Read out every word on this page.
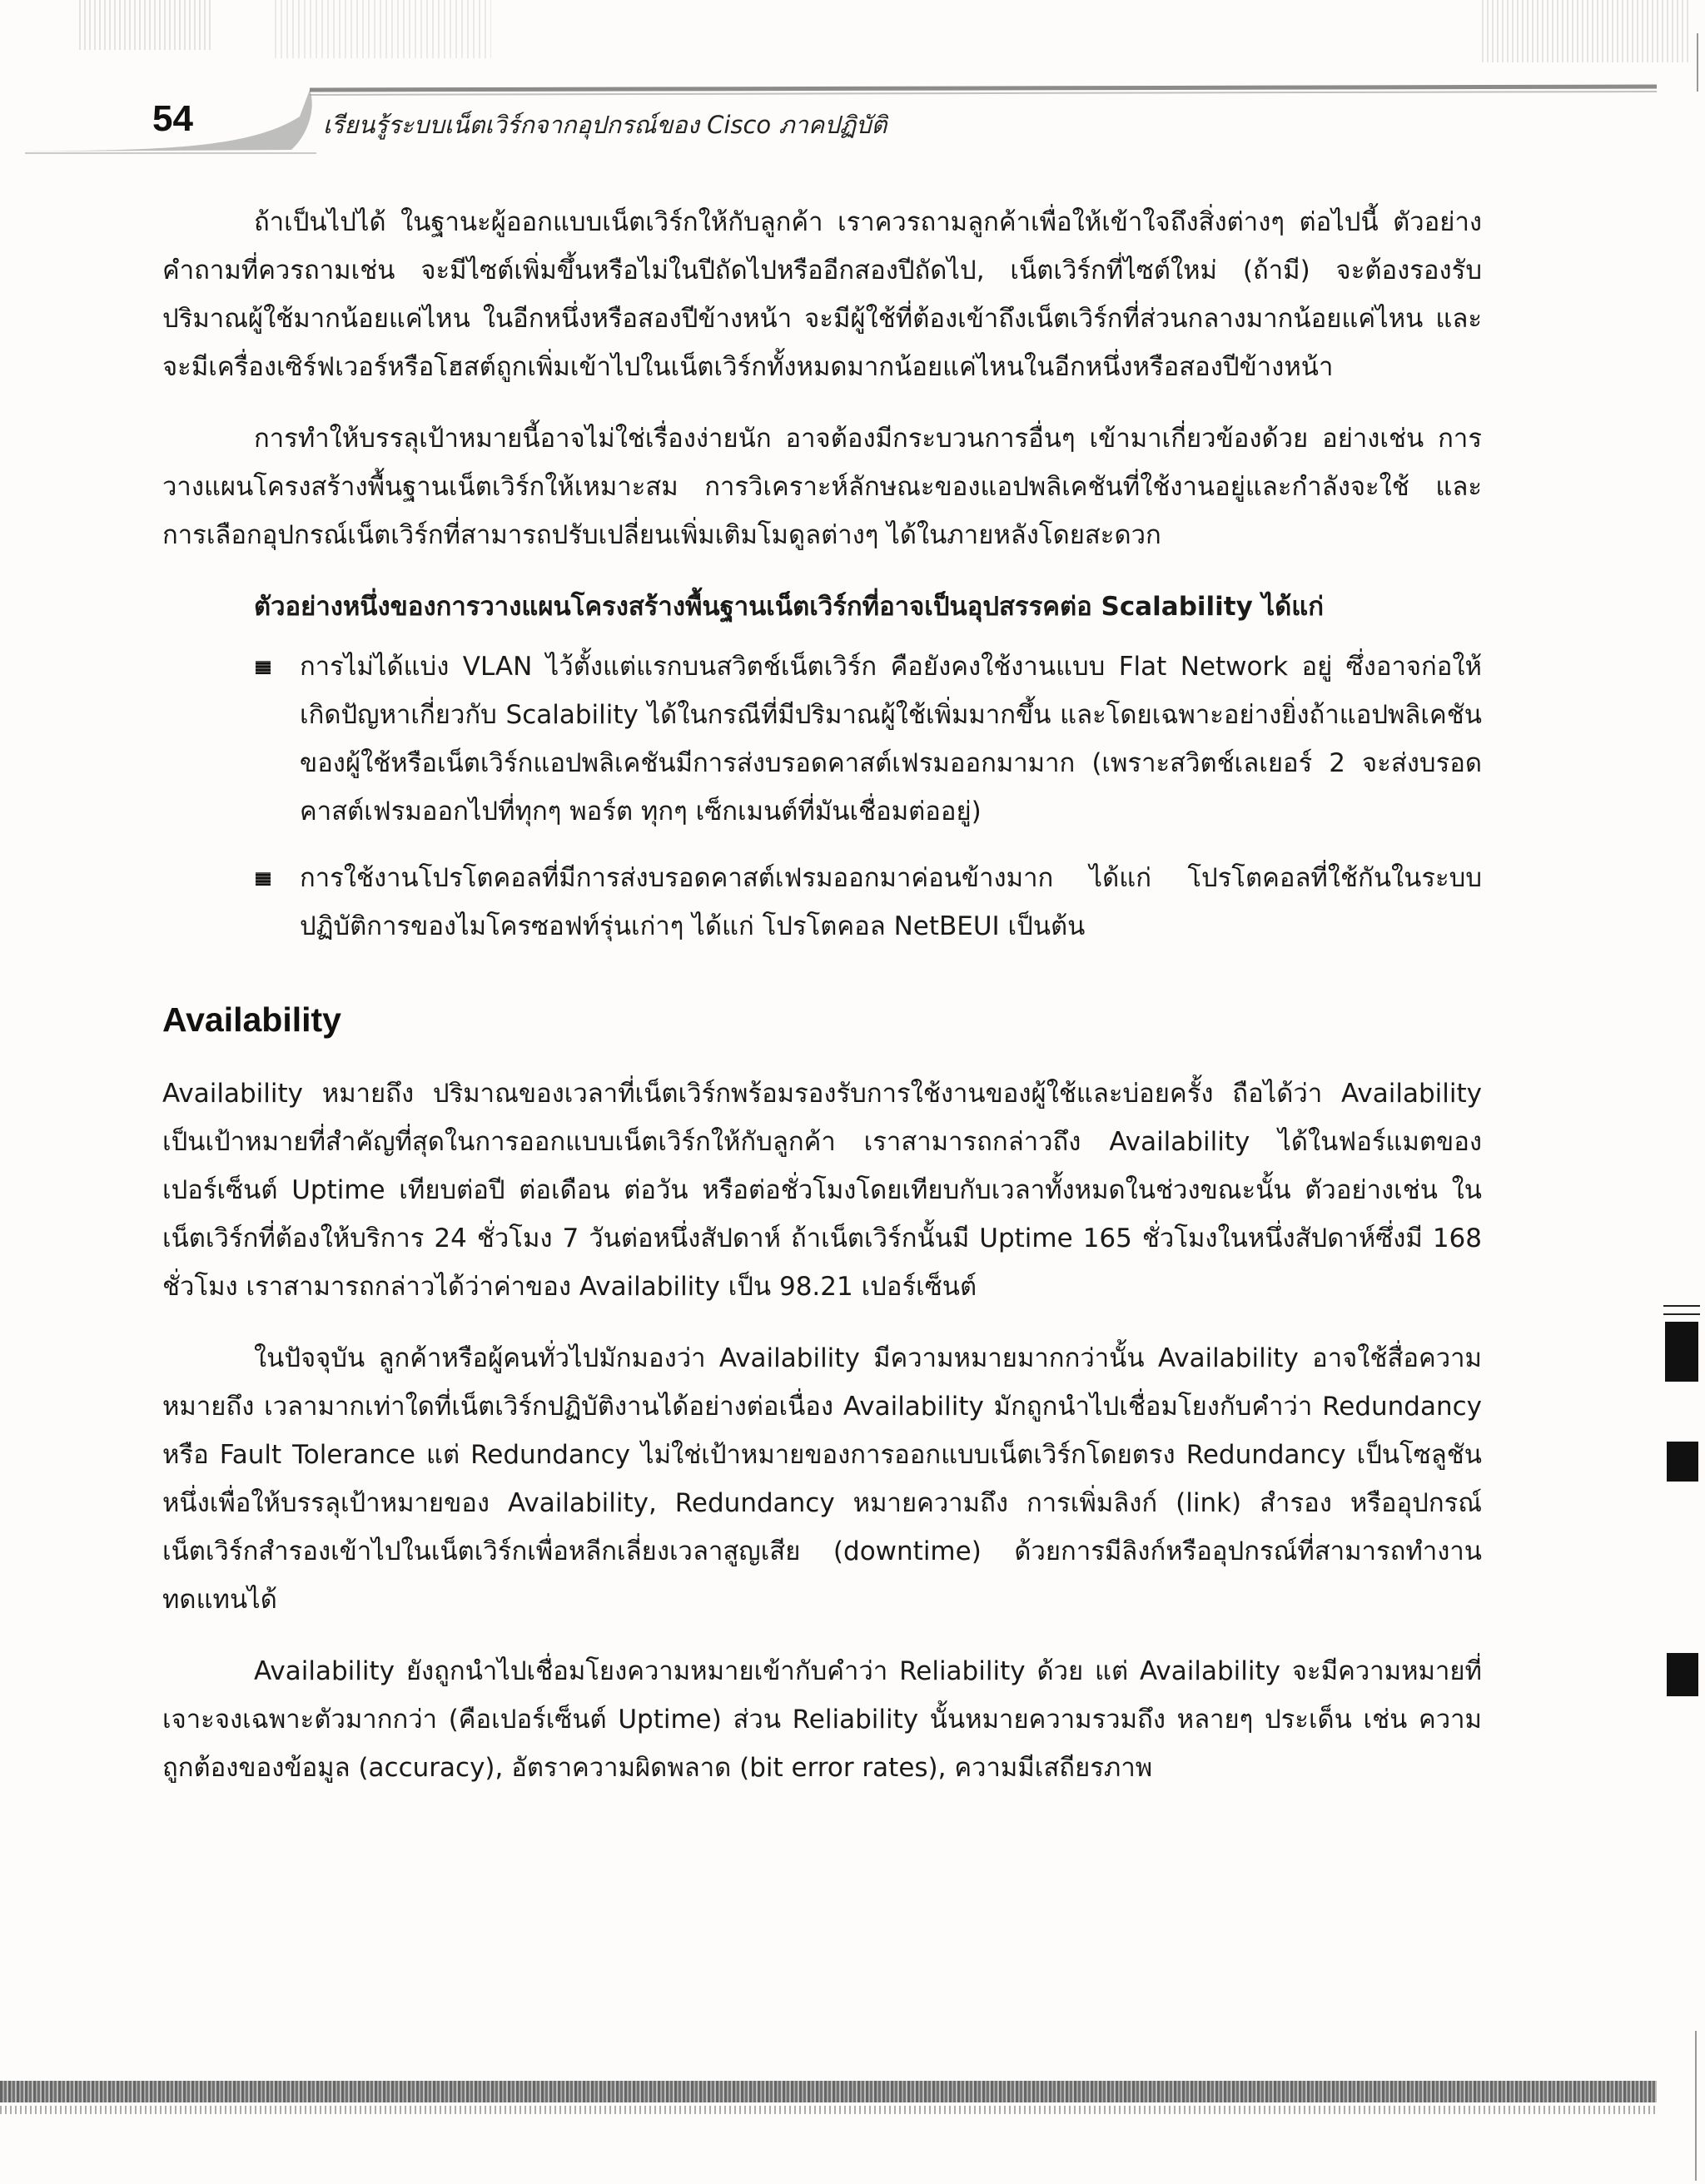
54	เรียนรู้ระบบเน็ตเวิร์กจากอุปกรณ์ของ Cisco ภาคปฏิบัติ

ถ้าเป็นไปได้ ในฐานะผู้ออกแบบเน็ตเวิร์กให้กับลูกค้า เราควรถามลูกค้าเพื่อให้เข้าใจถึงสิ่งต่างๆ ต่อไปนี้ ตัวอย่างคำถามที่ควรถามเช่น จะมีไซต์เพิ่มขึ้นหรือไม่ในปีถัดไปหรืออีกสองปีถัดไป, เน็ตเวิร์กที่ไซต์ใหม่ (ถ้ามี) จะต้องรองรับปริมาณผู้ใช้มากน้อยแค่ไหน ในอีกหนึ่งหรือสองปีข้างหน้า จะมีผู้ใช้ที่ต้องเข้าถึงเน็ตเวิร์กที่ส่วนกลางมากน้อยแค่ไหน และจะมีเครื่องเซิร์ฟเวอร์หรือโฮสต์ถูกเพิ่มเข้าไปในเน็ตเวิร์กทั้งหมดมากน้อยแค่ไหนในอีกหนึ่งหรือสองปีข้างหน้า

การทำให้บรรลุเป้าหมายนี้อาจไม่ใช่เรื่องง่ายนัก อาจต้องมีกระบวนการอื่นๆ เข้ามาเกี่ยวข้องด้วย อย่างเช่น การวางแผนโครงสร้างพื้นฐานเน็ตเวิร์กให้เหมาะสม การวิเคราะห์ลักษณะของแอปพลิเคชันที่ใช้งานอยู่และกำลังจะใช้ และการเลือกอุปกรณ์เน็ตเวิร์กที่สามารถปรับเปลี่ยนเพิ่มเติมโมดูลต่างๆ ได้ในภายหลังโดยสะดวก

ตัวอย่างหนึ่งของการวางแผนโครงสร้างพื้นฐานเน็ตเวิร์กที่อาจเป็นอุปสรรคต่อ Scalability ได้แก่

การไม่ได้แบ่ง VLAN ไว้ตั้งแต่แรกบนสวิตช์เน็ตเวิร์ก คือยังคงใช้งานแบบ Flat Network อยู่ ซึ่งอาจก่อให้เกิดปัญหาเกี่ยวกับ Scalability ได้ในกรณีที่มีปริมาณผู้ใช้เพิ่มมากขึ้น และโดยเฉพาะอย่างยิ่งถ้าแอปพลิเคชันของผู้ใช้หรือเน็ตเวิร์กแอปพลิเคชันมีการส่งบรอดคาสต์เฟรมออกมามาก (เพราะสวิตช์เลเยอร์ 2 จะส่งบรอดคาสต์เฟรมออกไปที่ทุกๆ พอร์ต ทุกๆ เซ็กเมนต์ที่มันเชื่อมต่ออยู่)
การใช้งานโปรโตคอลที่มีการส่งบรอดคาสต์เฟรมออกมาค่อนข้างมาก ได้แก่ โปรโตคอลที่ใช้กันในระบบปฏิบัติการของไมโครซอฟท์รุ่นเก่าๆ ได้แก่ โปรโตคอล NetBEUI เป็นต้น
Availability

Availability หมายถึง ปริมาณของเวลาที่เน็ตเวิร์กพร้อมรองรับการใช้งานของผู้ใช้และบ่อยครั้ง ถือได้ว่า Availability เป็นเป้าหมายที่สำคัญที่สุดในการออกแบบเน็ตเวิร์กให้กับลูกค้า เราสามารถกล่าวถึง Availability ได้ในฟอร์แมตของเปอร์เซ็นต์ Uptime เทียบต่อปี ต่อเดือน ต่อวัน หรือต่อชั่วโมงโดยเทียบกับเวลาทั้งหมดในช่วงขณะนั้น ตัวอย่างเช่น ในเน็ตเวิร์กที่ต้องให้บริการ 24 ชั่วโมง 7 วันต่อหนึ่งสัปดาห์ ถ้าเน็ตเวิร์กนั้นมี Uptime 165 ชั่วโมงในหนึ่งสัปดาห์ซึ่งมี 168 ชั่วโมง เราสามารถกล่าวได้ว่าค่าของ Availability เป็น 98.21 เปอร์เซ็นต์

ในปัจจุบัน ลูกค้าหรือผู้คนทั่วไปมักมองว่า Availability มีความหมายมากกว่านั้น Availability อาจใช้สื่อความหมายถึง เวลามากเท่าใดที่เน็ตเวิร์กปฏิบัติงานได้อย่างต่อเนื่อง Availability มักถูกนำไปเชื่อมโยงกับคำว่า Redundancy หรือ Fault Tolerance แต่ Redundancy ไม่ใช่เป้าหมายของการออกแบบเน็ตเวิร์กโดยตรง Redundancy เป็นโซลูชันหนึ่งเพื่อให้บรรลุเป้าหมายของ Availability, Redundancy หมายความถึง การเพิ่มลิงก์ (link) สำรอง หรืออุปกรณ์เน็ตเวิร์กสำรองเข้าไปในเน็ตเวิร์กเพื่อหลีกเลี่ยงเวลาสูญเสีย (downtime) ด้วยการมีลิงก์หรืออุปกรณ์ที่สามารถทำงานทดแทนได้

Availability ยังถูกนำไปเชื่อมโยงความหมายเข้ากับคำว่า Reliability ด้วย แต่ Availability จะมีความหมายที่เจาะจงเฉพาะตัวมากกว่า (คือเปอร์เซ็นต์ Uptime) ส่วน Reliability นั้นหมายความรวมถึง หลายๆ ประเด็น เช่น ความถูกต้องของข้อมูล (accuracy), อัตราความผิดพลาด (bit error rates), ความมีเสถียรภาพ
